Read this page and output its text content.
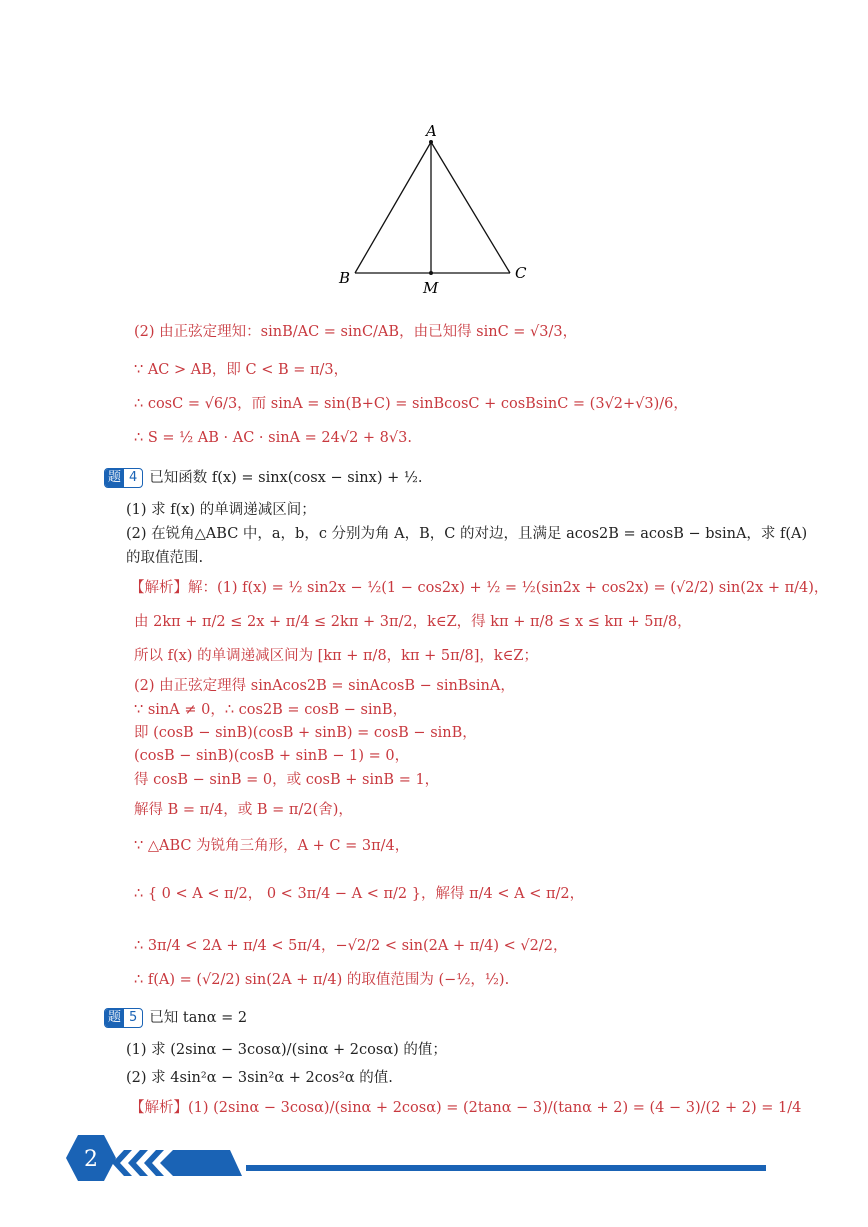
A
B	C
M
(2) 由正弦定理知：sinB/AC = sinC/AB，由已知得 sinC = √3/3，
∵ AC > AB，即 C < B = π/3，
∴ cosC = √6/3，而 sinA = sin(B+C) = sinBcosC + cosBsinC = (3√2+√3)/6，
∴ S = ½ AB · AC · sinA = 24√2 + 8√3.
题 4 已知函数 f(x) = sinx(cosx − sinx) + ½.
(1) 求 f(x) 的单调递减区间；
(2) 在锐角△ABC 中，a，b，c 分别为角 A，B，C 的对边，且满足 acos2B = acosB − bsinA，求 f(A)
的取值范围.
【解析】解：(1) f(x) = ½ sin2x − ½(1 − cos2x) + ½ = ½(sin2x + cos2x) = (√2/2) sin(2x + π/4)，
由 2kπ + π/2 ≤ 2x + π/4 ≤ 2kπ + 3π/2，k∈Z，得 kπ + π/8 ≤ x ≤ kπ + 5π/8，
所以 f(x) 的单调递减区间为 [kπ + π/8，kπ + 5π/8]，k∈Z；
(2) 由正弦定理得 sinAcos2B = sinAcosB − sinBsinA，
∵ sinA ≠ 0，∴ cos2B = cosB − sinB，
即 (cosB − sinB)(cosB + sinB) = cosB − sinB，
(cosB − sinB)(cosB + sinB − 1) = 0，
得 cosB − sinB = 0，或 cosB + sinB = 1，
解得 B = π/4，或 B = π/2(舍)，
∵ △ABC 为锐角三角形，A + C = 3π/4，
∴ { 0 < A < π/2， 0 < 3π/4 − A < π/2 }，解得 π/4 < A < π/2，
∴ 3π/4 < 2A + π/4 < 5π/4，−√2/2 < sin(2A + π/4) < √2/2，
∴ f(A) = (√2/2) sin(2A + π/4) 的取值范围为 (−½，½).
题 5 已知 tanα = 2
(1) 求 (2sinα − 3cosα)/(sinα + 2cosα) 的值；
(2) 求 4sin²α − 3sin²α + 2cos²α 的值.
【解析】(1) (2sinα − 3cosα)/(sinα + 2cosα) = (2tanα − 3)/(tanα + 2) = (4 − 3)/(2 + 2) = 1/4
2
